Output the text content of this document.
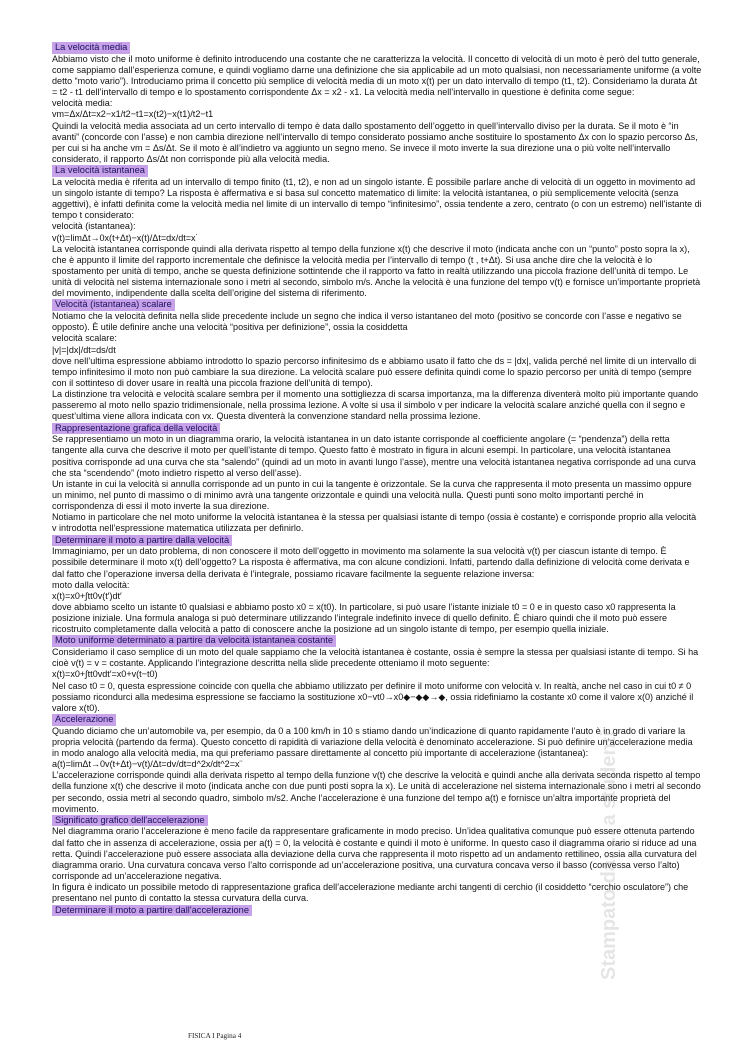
La velocità media

Abbiamo visto che il moto uniforme è definito introducendo una costante che ne caratterizza la velocità. Il concetto di velocità di un moto è però del tutto generale, come sappiamo dall’esperienza comune, e quindi vogliamo darne una definizione che sia applicabile ad un moto qualsiasi, non necessariamente uniforme (a volte detto “moto vario”). Introduciamo prima il concetto più semplice di velocità media di un moto x(t) per un dato intervallo di tempo (t1, t2). Consideriamo la durata Δt = t2 - t1 dell’intervallo di tempo e lo spostamento corrispondente Δx = x2 - x1. La velocità media nell’intervallo in questione è definita come segue:

velocità media:

vm=Δx/Δt=x2−x1/t2−t1=x(t2)−x(t1)/t2−t1

Quindi la velocità media associata ad un certo intervallo di tempo è data dallo spostamento dell’oggetto in quell’intervallo diviso per la durata. Se il moto è “in avanti” (concorde con l’asse) e non cambia direzione nell’intervallo di tempo considerato possiamo anche sostituire lo spostamento Δx con lo spazio percorso Δs, per cui si ha anche vm = Δs/Δt. Se il moto è all’indietro va aggiunto un segno meno. Se invece il moto inverte la sua direzione una o più volte nell’intervallo considerato, il rapporto Δs/Δt non corrisponde più alla velocità media.

La velocità istantanea

La velocità media è riferita ad un intervallo di tempo finito (t1, t2), e non ad un singolo istante. È possibile parlare anche di velocità di un oggetto in movimento ad un singolo istante di tempo? La risposta è affermativa e si basa sul concetto matematico di limite: la velocità istantanea, o più semplicemente velocità (senza aggettivi), è infatti definita come la velocità media nel limite di un intervallo di tempo “infinitesimo”, ossia tendente a zero, centrato (o con un estremo) nell’istante di tempo t considerato:

velocità (istantanea):

v(t)=limΔt→0x(t+Δt)−x(t)/Δt=dx/dt=x˙

La velocità istantanea corrisponde quindi alla derivata rispetto al tempo della funzione x(t) che descrive il moto (indicata anche con un “punto” posto sopra la x), che è appunto il limite del rapporto incrementale che definisce la velocità media per l’intervallo di tempo (t , t+Δt). Si usa anche dire che la velocità è lo spostamento per unità di tempo, anche se questa definizione sottintende che il rapporto va fatto in realtà utilizzando una piccola frazione dell’unità di tempo. Le unità di velocità nel sistema internazionale sono i metri al secondo, simbolo m/s. Anche la velocità è una funzione del tempo v(t) e fornisce un’importante proprietà del movimento, indipendente dalla scelta dell’origine del sistema di riferimento.

Velocità (istantanea) scalare

Notiamo che la velocità definita nella slide precedente include un segno che indica il verso istantaneo del moto (positivo se concorde con l’asse e negativo se opposto). È utile definire anche una velocità “positiva per definizione”, ossia la cosiddetta

velocità scalare:

|v|=|dx|/dt=ds/dt

dove nell’ultima espressione abbiamo introdotto lo spazio percorso infinitesimo ds e abbiamo usato il fatto che ds = |dx|, valida perché nel limite di un intervallo di tempo infinitesimo il moto non può cambiare la sua direzione. La velocità scalare può essere definita quindi come lo spazio percorso per unità di tempo (sempre con il sottinteso di dover usare in realtà una piccola frazione dell’unità di tempo).

La distinzione tra velocità e velocità scalare sembra per il momento una sottigliezza di scarsa importanza, ma la differenza diventerà molto più importante quando passeremo al moto nello spazio tridimensionale, nella prossima lezione. A volte si usa il simbolo v per indicare la velocità scalare anziché quella con il segno e quest’ultima viene allora indicata con vx. Questa diventerà la convenzione standard nella prossima lezione.

Rappresentazione grafica della velocità

Se rappresentiamo un moto in un diagramma orario, la velocità istantanea in un dato istante corrisponde al coefficiente angolare (= “pendenza”) della retta tangente alla curva che descrive il moto per quell’istante di tempo. Questo fatto è mostrato in figura in alcuni esempi. In particolare, una velocità istantanea positiva corrisponde ad una curva che sta “salendo” (quindi ad un moto in avanti lungo l’asse), mentre una velocità istantanea negativa corrisponde ad una curva che sta “scendendo” (moto indietro rispetto al verso dell’asse).

Un istante in cui la velocità si annulla corrisponde ad un punto in cui la tangente è orizzontale. Se la curva che rappresenta il moto presenta un massimo oppure un minimo, nel punto di massimo o di minimo avrà una tangente orizzontale e quindi una velocità nulla. Questi punti sono molto importanti perché in corrispondenza di essi il moto inverte la sua direzione.

Notiamo in particolare che nel moto uniforme la velocità istantanea è la stessa per qualsiasi istante di tempo (ossia è costante) e corrisponde proprio alla velocità v introdotta nell’espressione matematica utilizzata per definirlo.

Determinare il moto a partire dalla velocità

Immaginiamo, per un dato problema, di non conoscere il moto dell’oggetto in movimento ma solamente la sua velocità v(t) per ciascun istante di tempo. È possibile determinare il moto x(t) dell’oggetto? La risposta è affermativa, ma con alcune condizioni. Infatti, partendo dalla definizione di velocità come derivata e dal fatto che l’operazione inversa della derivata è l’integrale, possiamo ricavare facilmente la seguente relazione inversa:

moto dalla velocità:

x(t)=x0+∫tt0v(t′)dt′

dove abbiamo scelto un istante t0 qualsiasi e abbiamo posto x0 = x(t0). In particolare, si può usare l’istante iniziale t0 = 0 e in questo caso x0 rappresenta la posizione iniziale. Una formula analoga si può determinare utilizzando l’integrale indefinito invece di quello definito. È chiaro quindi che il moto può essere ricostruito completamente dalla velocità a patto di conoscere anche la posizione ad un singolo istante di tempo, per esempio quella iniziale.

Moto uniforme determinato a partire da velocità istantanea costante

Consideriamo il caso semplice di un moto del quale sappiamo che la velocità istantanea è costante, ossia è sempre la stessa per qualsiasi istante di tempo. Si ha cioè v(t) = v = costante. Applicando l’integrazione descritta nella slide precedente otteniamo il moto seguente:

x(t)=x0+∫tt0vdt′=x0+v(t−t0)

Nel caso t0 = 0, questa espressione coincide con quella che abbiamo utilizzato per definire il moto uniforme con velocità v. In realtà, anche nel caso in cui t0 ≠ 0 possiamo ricondurci alla medesima espressione se facciamo la sostituzione x0−vt0→x0◆−◆◆→◆, ossia ridefiniamo la costante x0 come il valore x(0) anziché il valore x(t0).

Accelerazione

Quando diciamo che un’automobile va, per esempio, da 0 a 100 km/h in 10 s stiamo dando un’indicazione di quanto rapidamente l’auto è in grado di variare la propria velocità (partendo da ferma). Questo concetto di rapidità di variazione della velocità è denominato accelerazione. Si può definire un’accelerazione media in modo analogo alla velocità media, ma qui preferiamo passare direttamente al concetto più importante di accelerazione (istantanea):

a(t)=limΔt→0v(t+Δt)−v(t)/Δt=dv/dt=d^2x/dt^2=x¨

L’accelerazione corrisponde quindi alla derivata rispetto al tempo della funzione v(t) che descrive la velocità e quindi anche alla derivata seconda rispetto al tempo della funzione x(t) che descrive il moto (indicata anche con due punti posti sopra la x). Le unità di accelerazione nel sistema internazionale sono i metri al secondo per secondo, ossia metri al secondo quadro, simbolo m/s2. Anche l’accelerazione è una funzione del tempo a(t) e fornisce un’altra importante proprietà del movimento.

Significato grafico dell'accelerazione

Nel diagramma orario l’accelerazione è meno facile da rappresentare graficamente in modo preciso. Un’idea qualitativa comunque può essere ottenuta partendo dal fatto che in assenza di accelerazione, ossia per a(t) = 0, la velocità è costante e quindi il moto è uniforme. In questo caso il diagramma orario si riduce ad una retta. Quindi l’accelerazione può essere associata alla deviazione della curva che rappresenta il moto rispetto ad un andamento rettilineo, ossia alla curvatura del diagramma orario. Una curvatura concava verso l’alto corrisponde ad un’accelerazione positiva, una curvatura concava verso il basso (convessa verso l’alto) corrisponde ad un’accelerazione negativa.

In figura è indicato un possibile metodo di rappresentazione grafica dell’accelerazione mediante archi tangenti di cerchio (il cosiddetto “cerchio osculatore”) che presentano nel punto di contatto la stessa curvatura della curva.

Determinare il moto a partire dall'accelerazione	Stampato da: ... a studenti
FISICA I Pagina 4
